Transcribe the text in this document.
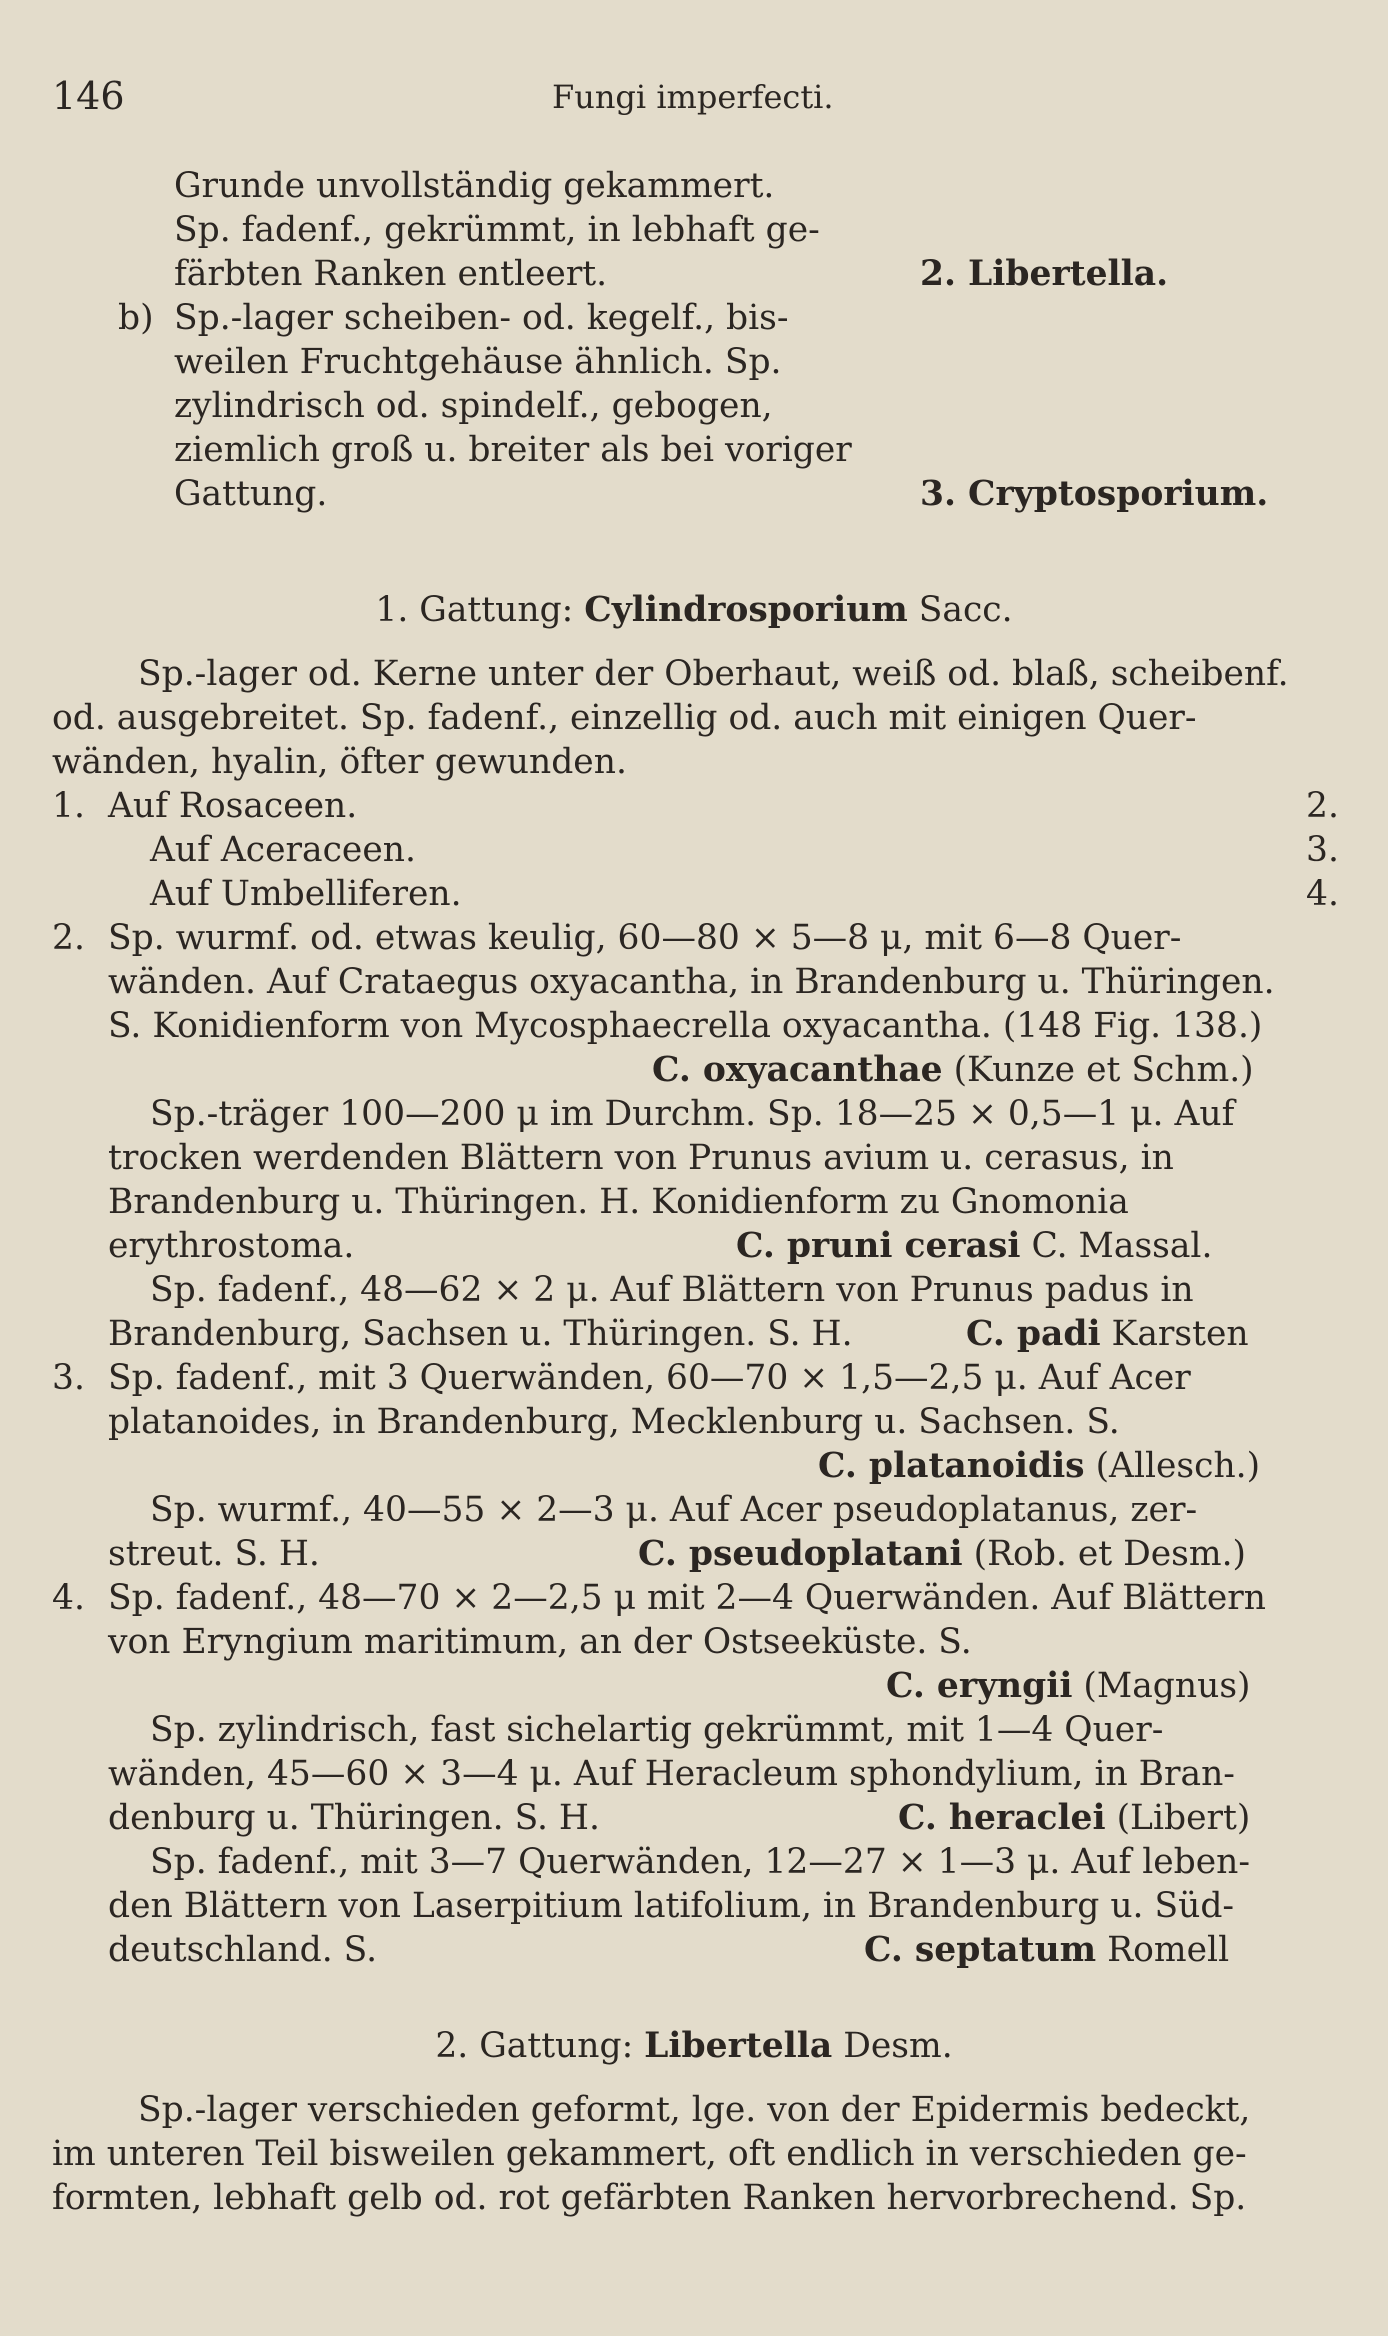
146	Fungi imperfecti.
Grunde unvollständig gekammert.
Sp. fadenf., gekrümmt, in lebhaft ge-
färbten Ranken entleert.	2. Libertella.
b) Sp.-lager scheiben- od. kegelf., bis-
weilen Fruchtgehäuse ähnlich. Sp.
zylindrisch od. spindelf., gebogen,
ziemlich groß u. breiter als bei voriger
Gattung.	3. Cryptosporium.
1. Gattung: Cylindrosporium Sacc.
Sp.-lager od. Kerne unter der Oberhaut, weiß od. blaß, scheibenf.
od. ausgebreitet. Sp. fadenf., einzellig od. auch mit einigen Quer-
wänden, hyalin, öfter gewunden.
1. Auf Rosaceen.	2.
Auf Aceraceen.	3.
Auf Umbelliferen.	4.
2. Sp. wurmf. od. etwas keulig, 60—80 × 5—8 μ, mit 6—8 Quer-
wänden. Auf Crataegus oxyacantha, in Brandenburg u. Thüringen.
S. Konidienform von Mycosphaecrella oxyacantha. (148 Fig. 138.)
C. oxyacanthae (Kunze et Schm.)
Sp.-träger 100—200 μ im Durchm. Sp. 18—25 × 0,5—1 μ. Auf
trocken werdenden Blättern von Prunus avium u. cerasus, in
Brandenburg u. Thüringen. H. Konidienform zu Gnomonia
erythrostoma.	C. pruni cerasi C. Massal.
Sp. fadenf., 48—62 × 2 μ. Auf Blättern von Prunus padus in
Brandenburg, Sachsen u. Thüringen. S. H.	C. padi Karsten
3. Sp. fadenf., mit 3 Querwänden, 60—70 × 1,5—2,5 μ. Auf Acer
platanoides, in Brandenburg, Mecklenburg u. Sachsen. S.
C. platanoidis (Allesch.)
Sp. wurmf., 40—55 × 2—3 μ. Auf Acer pseudoplatanus, zer-
streut. S. H.	C. pseudoplatani (Rob. et Desm.)
4. Sp. fadenf., 48—70 × 2—2,5 μ mit 2—4 Querwänden. Auf Blättern
von Eryngium maritimum, an der Ostseeküste. S.
C. eryngii (Magnus)
Sp. zylindrisch, fast sichelartig gekrümmt, mit 1—4 Quer-
wänden, 45—60 × 3—4 μ. Auf Heracleum sphondylium, in Bran-
denburg u. Thüringen. S. H.	C. heraclei (Libert)
Sp. fadenf., mit 3—7 Querwänden, 12—27 × 1—3 μ. Auf leben-
den Blättern von Laserpitium latifolium, in Brandenburg u. Süd-
deutschland. S.	C. septatum Romell
2. Gattung: Libertella Desm.
Sp.-lager verschieden geformt, lge. von der Epidermis bedeckt,
im unteren Teil bisweilen gekammert, oft endlich in verschieden ge-
formten, lebhaft gelb od. rot gefärbten Ranken hervorbrechend. Sp.
